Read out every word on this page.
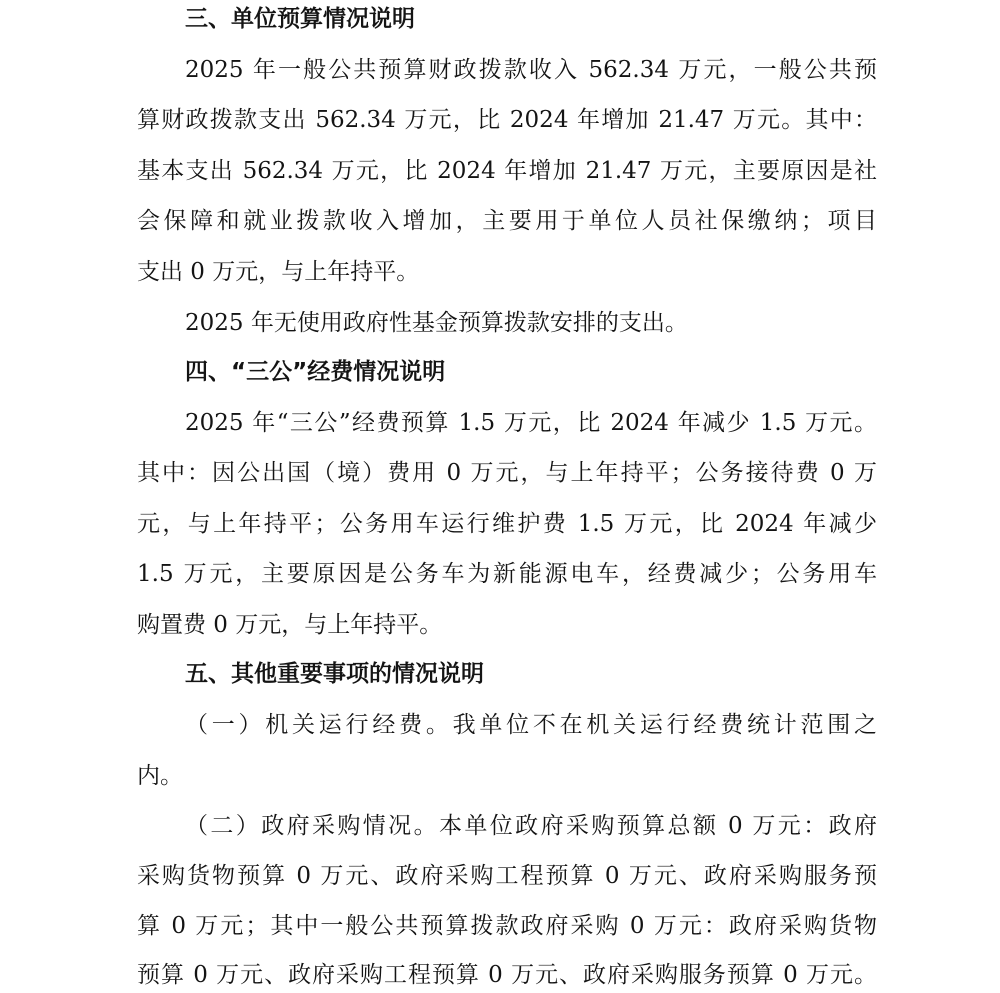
三、单位预算情况说明
2025 年一般公共预算财政拨款收入 562.34 万元，一般公共预
算财政拨款支出 562.34 万元，比 2024 年增加 21.47 万元。其中：
基本支出 562.34 万元，比 2024 年增加 21.47 万元，主要原因是社
会保障和就业拨款收入增加，主要用于单位人员社保缴纳；项目
支出 0 万元，与上年持平。
2025 年无使用政府性基金预算拨款安排的支出。
四、“三公”经费情况说明
2025 年“三公”经费预算 1.5 万元，比 2024 年减少 1.5 万元。
其中：因公出国（境）费用 0 万元，与上年持平；公务接待费 0 万
元，与上年持平；公务用车运行维护费 1.5 万元，比 2024 年减少
1.5 万元，主要原因是公务车为新能源电车，经费减少；公务用车
购置费 0 万元，与上年持平。
五、其他重要事项的情况说明
（一）机关运行经费。我单位不在机关运行经费统计范围之
内。
（二）政府采购情况。本单位政府采购预算总额 0 万元：政府
采购货物预算 0 万元、政府采购工程预算 0 万元、政府采购服务预
算 0 万元；其中一般公共预算拨款政府采购 0 万元：政府采购货物
预算 0 万元、政府采购工程预算 0 万元、政府采购服务预算 0 万元。
